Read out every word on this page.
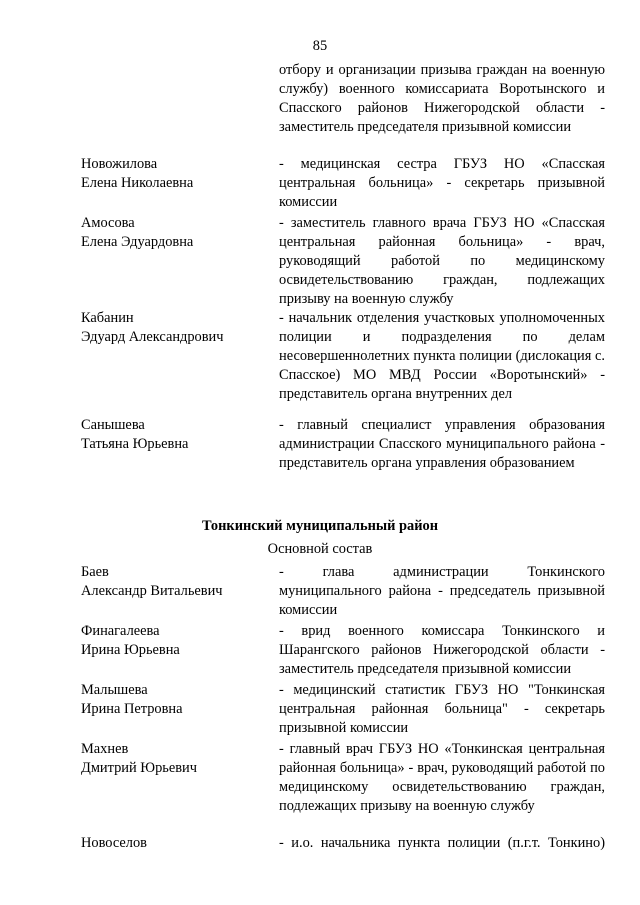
85
отбору и организации призыва граждан на военную службу) военного комиссариата Воротынского и Спасского районов Нижегородской области - заместитель председателя призывной комиссии
Новожилова
Елена Николаевна
- медицинская сестра ГБУЗ НО «Спасская центральная больница» - секретарь призывной комиссии
Амосова
Елена Эдуардовна
- заместитель главного врача ГБУЗ НО «Спасская центральная районная больница» - врач, руководящий работой по медицинскому освидетельствованию граждан, подлежащих призыву на военную службу
Кабанин
Эдуард Александрович
- начальник отделения участковых уполномоченных полиции и подразделения по делам несовершеннолетних пункта полиции (дислокация с. Спасское) МО МВД России «Воротынский» - представитель органа внутренних дел
Санышева
Татьяна Юрьевна
- главный специалист управления образования администрации Спасского муниципального района - представитель органа управления образованием
Тонкинский муниципальный район
Основной состав
Баев
Александр Витальевич
- глава администрации Тонкинского муниципального района - председатель призывной комиссии
Финагалеева
Ирина Юрьевна
- врид военного комиссара Тонкинского и Шарангского районов Нижегородской области - заместитель председателя призывной комиссии
Малышева
Ирина Петровна
- медицинский статистик ГБУЗ НО "Тонкинская центральная районная больница" - секретарь призывной комиссии
Махнев
Дмитрий Юрьевич
- главный врач ГБУЗ НО «Тонкинская центральная районная больница» - врач, руководящий работой по медицинскому освидетельствованию граждан, подлежащих призыву на военную службу
Новоселов	- и.о. начальника пункта полиции (п.г.т. Тонкино)
